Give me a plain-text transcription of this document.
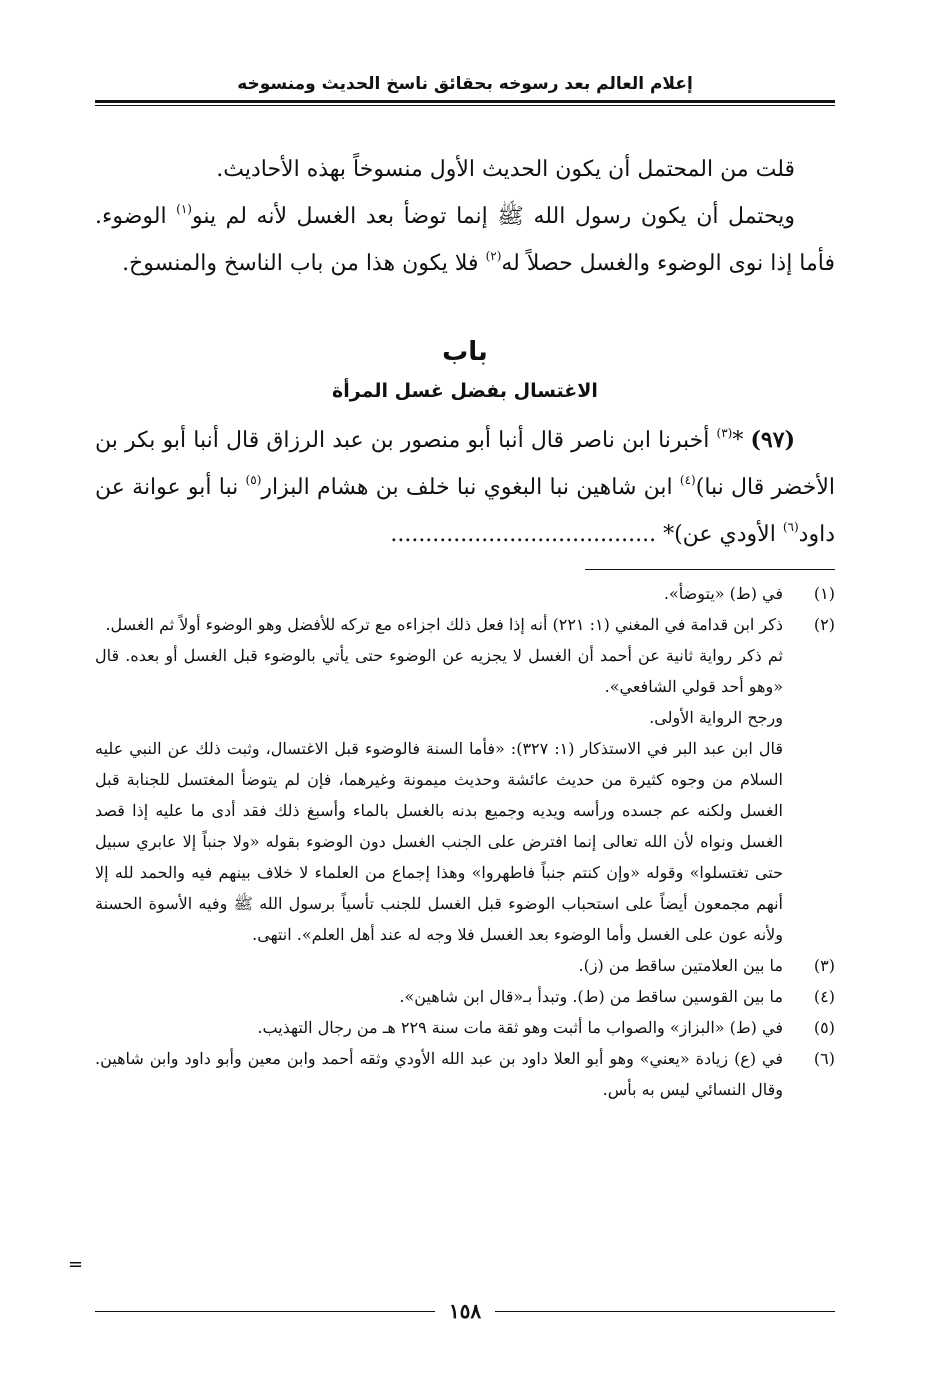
إعلام العالم بعد رسوخه بحقائق ناسخ الحديث ومنسوخه

قلت من المحتمل أن يكون الحديث الأول منسوخاً بهذه الأحاديث.

ويحتمل أن يكون رسول الله ﷺ إنما توضأ بعد الغسل لأنه لم ينو$^{(١)}$ الوضوء. فأما إذا نوى الوضوء والغسل حصلاً له$^{(٢)}$ فلا يكون هذا من باب الناسخ والمنسوخ.

باب
الاغتسال بفضل غسل المرأة

(٩٧) *$^{(٣)}$ أخبرنا ابن ناصر قال أنبا أبو منصور بن عبد الرزاق قال أنبا أبو بكر بن الأخضر قال نبا)$^{(٤)}$ ابن شاهين نبا البغوي نبا خلف بن هشام البزار$^{(٥)}$ نبا أبو عوانة عن داود$^{(٦)}$ الأودي عن)* ......................................

(١)

في (ط) «يتوضأ».

(٢)

ذكر ابن قدامة في المغني (١: ٢٢١) أنه إذا فعل ذلك اجزاءه مع تركه للأفضل وهو الوضوء أولاً ثم الغسل.

ثم ذكر رواية ثانية عن أحمد أن الغسل لا يجزيه عن الوضوء حتى يأتي بالوضوء قبل الغسل أو بعده. قال «وهو أحد قولي الشافعي».

ورجح الرواية الأولى.

قال ابن عبد البر في الاستذكار (١: ٣٢٧): «فأما السنة فالوضوء قبل الاغتسال، وثبت ذلك عن النبي عليه السلام من وجوه كثيرة من حديث عائشة وحديث ميمونة وغيرهما، فإن لم يتوضأ المغتسل للجنابة قبل الغسل ولكنه عم جسده ورأسه ويديه وجميع بدنه بالغسل بالماء وأسبغ ذلك فقد أدى ما عليه إذا قصد الغسل ونواه لأن الله تعالى إنما افترض على الجنب الغسل دون الوضوء بقوله «ولا جنباً إلا عابري سبيل حتى تغتسلوا» وقوله «وإن كنتم جنباً فاطهروا» وهذا إجماع من العلماء لا خلاف بينهم فيه والحمد لله إلا أنهم مجمعون أيضاً على استحباب الوضوء قبل الغسل للجنب تأسياً برسول الله ﷺ وفيه الأسوة الحسنة ولأنه عون على الغسل وأما الوضوء بعد الغسل فلا وجه له عند أهل العلم». انتهى.

(٣)

ما بين العلامتين ساقط من (ز).

(٤)

ما بين القوسين ساقط من (ط). وتبدأ بـ«قال ابن شاهين».

(٥)

في (ط) «البزاز» والصواب ما أثبت وهو ثقة مات سنة ٢٢٩ هـ من رجال التهذيب.

(٦)

في (ع) زيادة «يعني» وهو أبو العلا داود بن عبد الله الأودي وثقه أحمد وابن معين وأبو داود وابن شاهين. وقال النسائي ليس به بأس.

=
١٥٨
